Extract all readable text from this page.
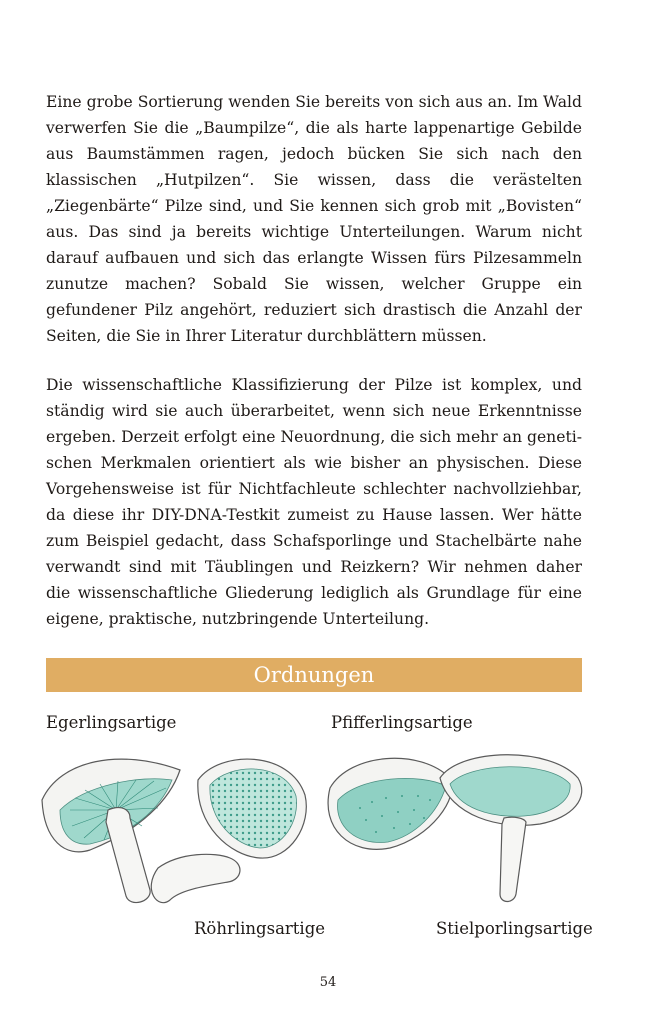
Eine grobe Sortierung wenden Sie bereits von sich aus an. Im Wald verwerfen Sie die „Baumpilze“, die als harte lappenartige Gebilde aus Baumstämmen ragen, jedoch bücken Sie sich nach den klassischen „Hutpilzen“. Sie wissen, dass die verästelten „Ziegenbärte“ Pilze sind, und Sie kennen sich grob mit „Bovisten“ aus. Das sind ja bereits wichtige Unterteilungen. Warum nicht darauf aufbauen und sich das erlangte Wissen fürs Pilzesammeln zunutze machen? Sobald Sie wissen, welcher Gruppe ein gefundener Pilz angehört, reduziert sich drastisch die Anzahl der Seiten, die Sie in Ihrer Literatur durchblättern müssen.

Die wissenschaftliche Klassifizierung der Pilze ist komplex, und ständig wird sie auch überarbeitet, wenn sich neue Erkenntnisse ergeben. Derzeit erfolgt eine Neuordnung, die sich mehr an genetischen Merkmalen orientiert als wie bisher an physischen. Diese Vorgehensweise ist für Nichtfachleute schlechter nachvollziehbar, da diese ihr DIY-DNA-Testkit zumeist zu Hause lassen. Wer hätte zum Beispiel gedacht, dass Schafsporlinge und Stachelbärte nahe verwandt sind mit Täublingen und Reizkern? Wir nehmen daher die wissenschaftliche Gliederung lediglich als Grundlage für eine eigene, praktische, nutzbringende Unterteilung.

Ordnungen
Egerlingsartige	Pfifferlingsartige
Röhrlingsartige	Stielporlingsartige
54
